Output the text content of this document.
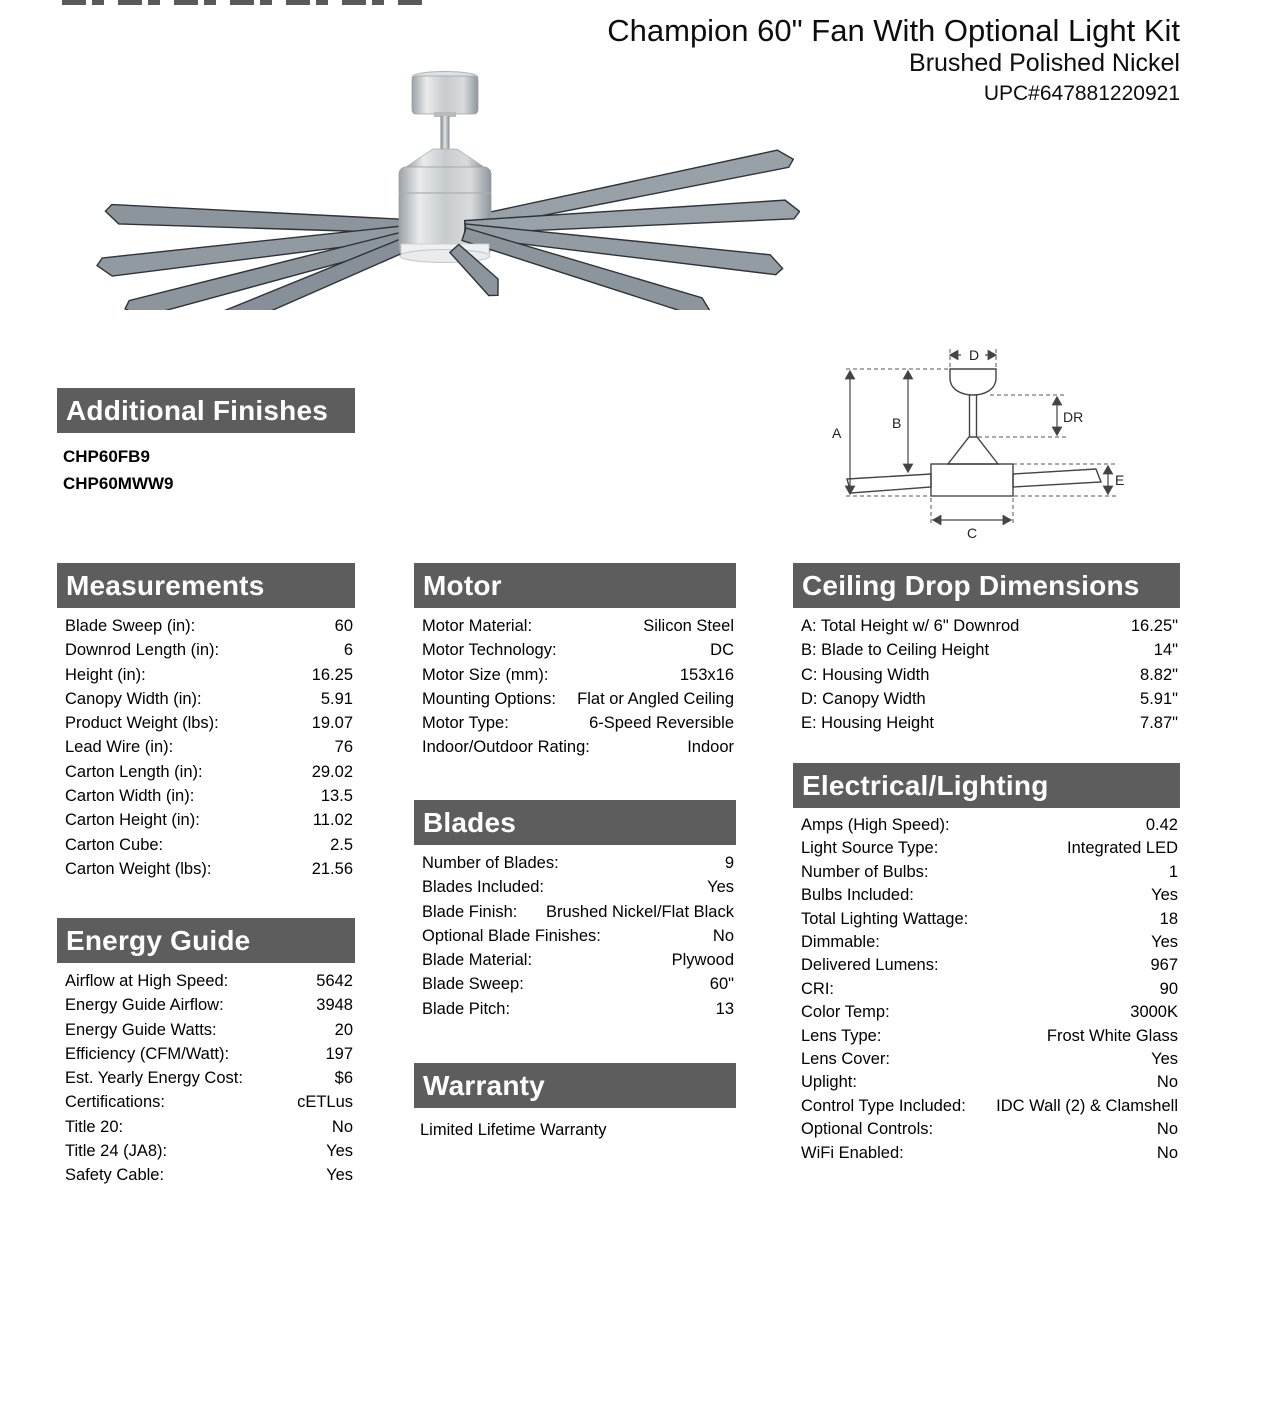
Champion 60" Fan With Optional Light Kit
Brushed Polished Nickel
UPC#647881220921
D
A
B	DR
E
C
Additional Finishes
CHP60FB9
CHP60MWW9
Measurements
Blade Sweep (in):	60
Downrod Length (in):	6
Height (in):	16.25
Canopy Width (in):	5.91
Product Weight (lbs):	19.07
Lead Wire (in):	76
Carton Length (in):	29.02
Carton Width (in):	13.5
Carton Height (in):	11.02
Carton Cube:	2.5
Carton Weight (lbs):	21.56
Energy Guide
Airflow at High Speed:	5642
Energy Guide Airflow:	3948
Energy Guide Watts:	20
Efficiency (CFM/Watt):	197
Est. Yearly Energy Cost:	$6
Certifications:	cETLus
Title 20:	No
Title 24 (JA8):	Yes
Safety Cable:	Yes
Motor
Motor Material:	Silicon Steel
Motor Technology:	DC
Motor Size (mm):	153x16
Mounting Options: Flat or Angled Ceiling
Motor Type:	6-Speed Reversible
Indoor/Outdoor Rating:	Indoor
Blades
Number of Blades:	9
Blades Included:	Yes
Blade Finish: Brushed Nickel/Flat Black
Optional Blade Finishes:	No
Blade Material:	Plywood
Blade Sweep:	60"
Blade Pitch:	13
Warranty
Limited Lifetime Warranty
Ceiling Drop Dimensions
A: Total Height w/ 6" Downrod	16.25"
B: Blade to Ceiling Height	14"
C: Housing Width	8.82"
D: Canopy Width	5.91"
E: Housing Height	7.87"
Electrical/Lighting
Amps (High Speed):	0.42
Light Source Type:	Integrated LED
Number of Bulbs:	1
Bulbs Included:	Yes
Total Lighting Wattage:	18
Dimmable:	Yes
Delivered Lumens:	967
CRI:	90
Color Temp:	3000K
Lens Type:	Frost White Glass
Lens Cover:	Yes
Uplight:	No
Control Type Included: IDC Wall (2) & Clamshell
Optional Controls:	No
WiFi Enabled:	No
